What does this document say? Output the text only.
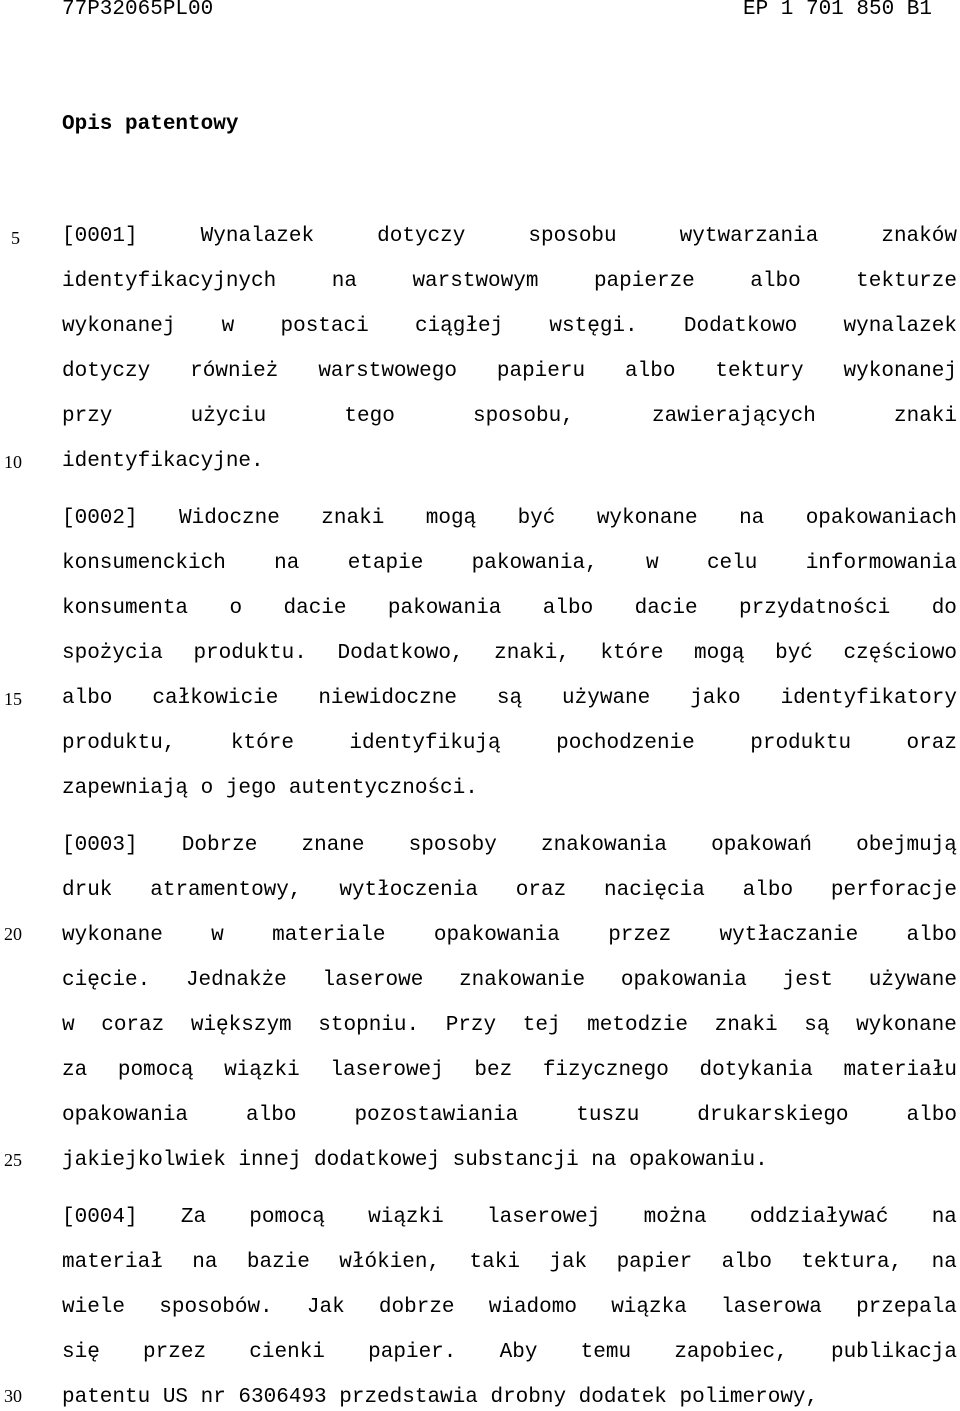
77P32065PL00	EP 1 701 850 B1
Opis patentowy
5
10
15
20
25
30
[0001]	Wynalazek	dotyczy	sposobu	wytwarzania	znaków
identyfikacyjnych	na	warstwowym	papierze	albo	tekturze
wykonanej w postaci ciągłej wstęgi. Dodatkowo wynalazek
dotyczy również warstwowego papieru albo tektury wykonanej
przy	użyciu	tego	sposobu,	zawierających	znaki
identyfikacyjne.
[0002] Widoczne znaki mogą być wykonane na opakowaniach
konsumenckich na etapie pakowania, w celu informowania
konsumenta o dacie pakowania albo dacie przydatności do
spożycia produktu. Dodatkowo, znaki, które mogą być częściowo
albo całkowicie niewidoczne są używane jako identyfikatory
produktu,	które	identyfikują	pochodzenie	produktu	oraz
zapewniają o jego autentyczności.
[0003] Dobrze znane sposoby znakowania opakowań obejmują
druk atramentowy, wytłoczenia oraz nacięcia albo perforacje
wykonane w materiale opakowania przez wytłaczanie albo
cięcie. Jednakże laserowe znakowanie opakowania jest używane
w coraz większym stopniu. Przy tej metodzie znaki są wykonane
za pomocą wiązki laserowej bez fizycznego dotykania materiału
opakowania	albo	pozostawiania	tuszu	drukarskiego	albo
jakiejkolwiek innej dodatkowej substancji na opakowaniu.
[0004] Za pomocą wiązki laserowej można oddziaływać na
materiał na bazie włókien, taki jak papier albo tektura, na
wiele sposobów. Jak dobrze wiadomo wiązka laserowa przepala
się przez cienki papier. Aby temu zapobiec, publikacja
patentu US nr 6306493 przedstawia drobny dodatek polimerowy,
